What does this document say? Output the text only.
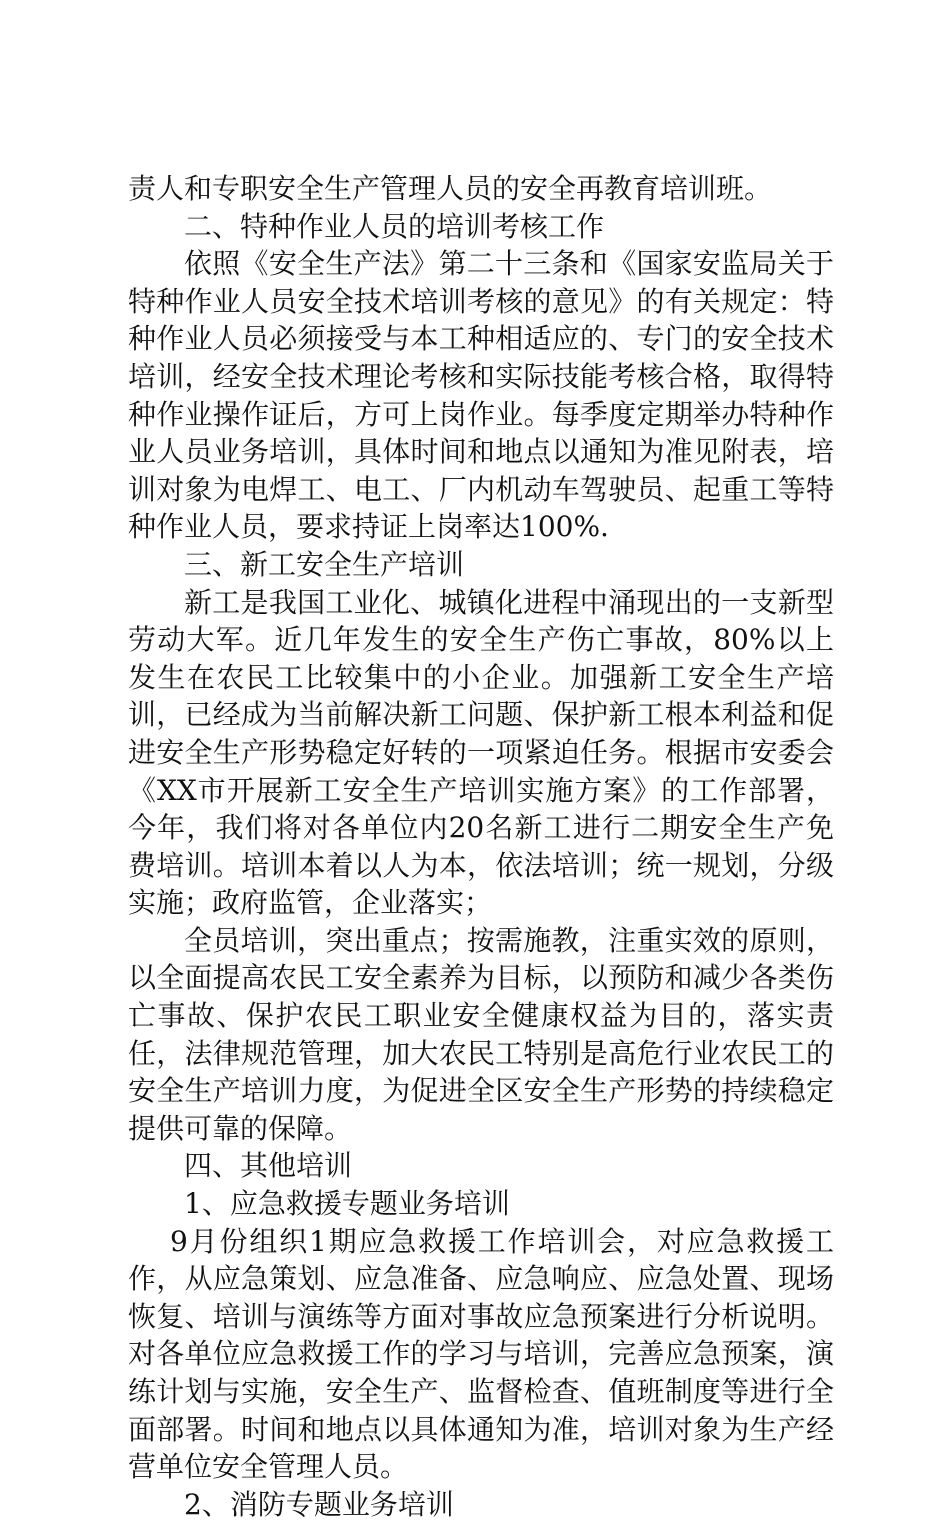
责人和专职安全生产管理人员的安全再教育培训班。

二、特种作业人员的培训考核工作

依照《安全生产法》第二十三条和《国家安监局关于特种作业人员安全技术培训考核的意见》的有关规定：特种作业人员必须接受与本工种相适应的、专门的安全技术培训，经安全技术理论考核和实际技能考核合格，取得特种作业操作证后，方可上岗作业。每季度定期举办特种作业人员业务培训，具体时间和地点以通知为准见附表，培训对象为电焊工、电工、厂内机动车驾驶员、起重工等特种作业人员，要求持证上岗率达100%.

三、新工安全生产培训

新工是我国工业化、城镇化进程中涌现出的一支新型劳动大军。近几年发生的安全生产伤亡事故，80%以上发生在农民工比较集中的小企业。加强新工安全生产培训，已经成为当前解决新工问题、保护新工根本利益和促进安全生产形势稳定好转的一项紧迫任务。根据市安委会《XX市开展新工安全生产培训实施方案》的工作部署，今年，我们将对各单位内20名新工进行二期安全生产免费培训。培训本着以人为本，依法培训；统一规划，分级实施；政府监管，企业落实；

全员培训，突出重点；按需施教，注重实效的原则，以全面提高农民工安全素养为目标，以预防和减少各类伤亡事故、保护农民工职业安全健康权益为目的，落实责任，法律规范管理，加大农民工特别是高危行业农民工的安全生产培训力度，为促进全区安全生产形势的持续稳定提供可靠的保障。

四、其他培训

1、应急救援专题业务培训

9月份组织1期应急救援工作培训会，对应急救援工作，从应急策划、应急准备、应急响应、应急处置、现场恢复、培训与演练等方面对事故应急预案进行分析说明。对各单位应急救援工作的学习与培训，完善应急预案，演练计划与实施，安全生产、监督检查、值班制度等进行全面部署。时间和地点以具体通知为准，培训对象为生产经营单位安全管理人员。

2、消防专题业务培训
